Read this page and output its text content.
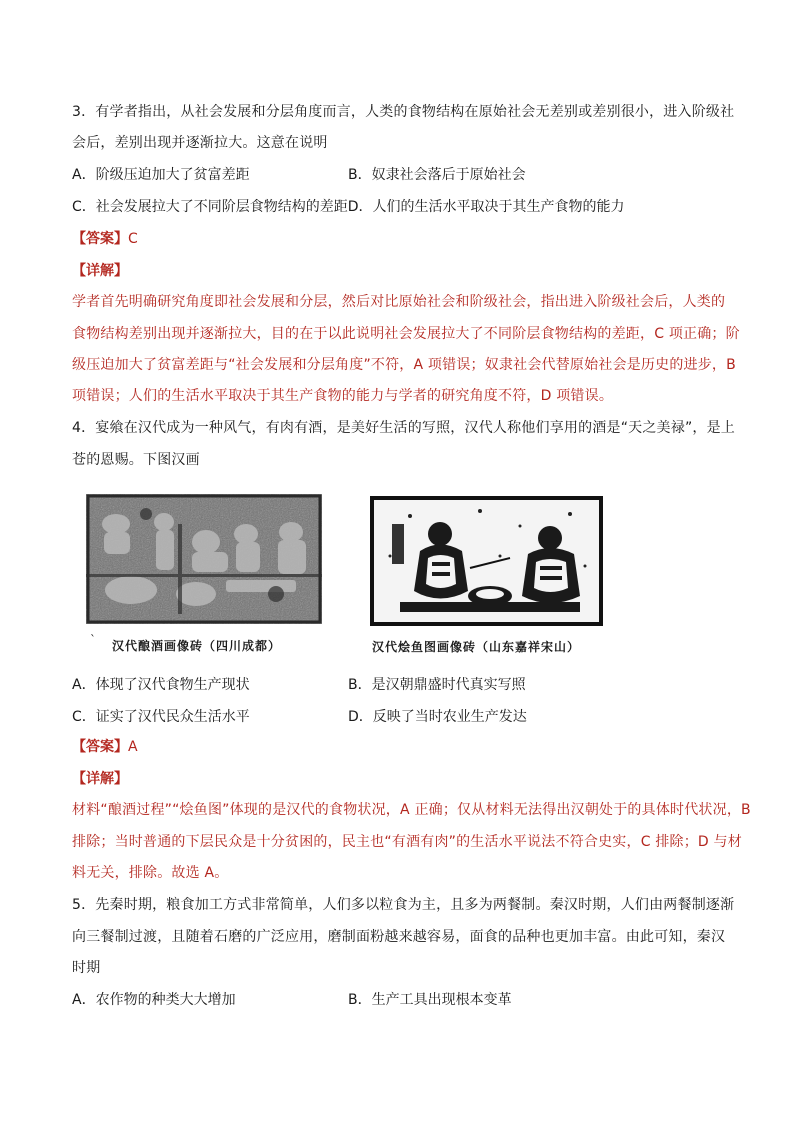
3．有学者指出，从社会发展和分层角度而言，人类的食物结构在原始社会无差别或差别很小，进入阶级社
会后，差别出现并逐渐拉大。这意在说明
A．阶级压迫加大了贫富差距	B．奴隶社会落后于原始社会
C．社会发展拉大了不同阶层食物结构的差距D．人们的生活水平取决于其生产食物的能力
【答案】C
【详解】
学者首先明确研究角度即社会发展和分层，然后对比原始社会和阶级社会，指出进入阶级社会后，人类的
食物结构差别出现并逐渐拉大，目的在于以此说明社会发展拉大了不同阶层食物结构的差距，C 项正确；阶
级压迫加大了贫富差距与“社会发展和分层角度”不符，A 项错误；奴隶社会代替原始社会是历史的进步，B
项错误；人们的生活水平取决于其生产食物的能力与学者的研究角度不符，D 项错误。
4．宴飨在汉代成为一种风气，有肉有酒，是美好生活的写照，汉代人称他们享用的酒是“天之美禄”，是上
苍的恩赐。下图汉画
` 汉代酿酒画像砖（四川成都）	汉代烩鱼图画像砖（山东嘉祥宋山）
A．体现了汉代食物生产现状	B．是汉朝鼎盛时代真实写照
C．证实了汉代民众生活水平	D．反映了当时农业生产发达
【答案】A
【详解】
材料“酿酒过程”“烩鱼图”体现的是汉代的食物状况，A 正确；仅从材料无法得出汉朝处于的具体时代状况，B
排除；当时普通的下层民众是十分贫困的，民主也“有酒有肉”的生活水平说法不符合史实，C 排除；D 与材
料无关，排除。故选 A。
5．先秦时期，粮食加工方式非常简单，人们多以粒食为主，且多为两餐制。秦汉时期，人们由两餐制逐渐
向三餐制过渡，且随着石磨的广泛应用，磨制面粉越来越容易，面食的品种也更加丰富。由此可知，秦汉
时期
A．农作物的种类大大增加	B．生产工具出现根本变革
